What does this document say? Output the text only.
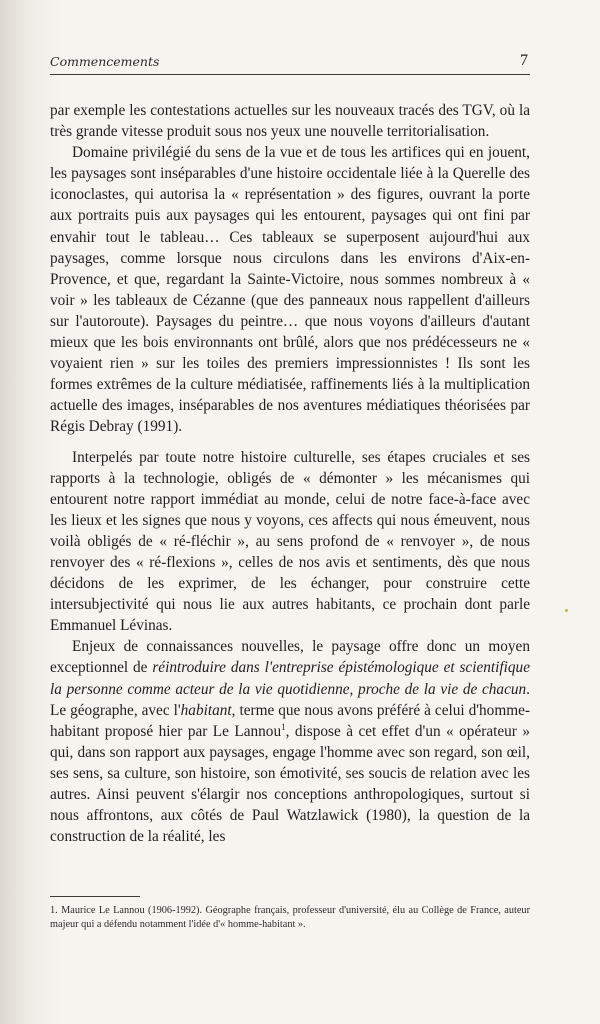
Commencements	7

par exemple les contestations actuelles sur les nouveaux tracés des TGV, où la très grande vitesse produit sous nos yeux une nouvelle territorialisation.

Domaine privilégié du sens de la vue et de tous les artifices qui en jouent, les paysages sont inséparables d'une histoire occidentale liée à la Querelle des iconoclastes, qui autorisa la « représentation » des figures, ouvrant la porte aux portraits puis aux paysages qui les entourent, paysages qui ont fini par envahir tout le tableau… Ces tableaux se superposent aujourd'hui aux paysages, comme lorsque nous circulons dans les environs d'Aix-en-Provence, et que, regardant la Sainte-Victoire, nous sommes nombreux à « voir » les tableaux de Cézanne (que des panneaux nous rappellent d'ailleurs sur l'autoroute). Paysages du peintre… que nous voyons d'ailleurs d'autant mieux que les bois environnants ont brûlé, alors que nos prédécesseurs ne « voyaient rien » sur les toiles des premiers impressionnistes ! Ils sont les formes extrêmes de la culture médiatisée, raffinements liés à la multiplication actuelle des images, inséparables de nos aventures médiatiques théorisées par Régis Debray (1991).

Interpelés par toute notre histoire culturelle, ses étapes cruciales et ses rapports à la technologie, obligés de « démonter » les mécanismes qui entourent notre rapport immédiat au monde, celui de notre face-à-face avec les lieux et les signes que nous y voyons, ces affects qui nous émeuvent, nous voilà obligés de « ré-fléchir », au sens profond de « renvoyer », de nous renvoyer des « ré-flexions », celles de nos avis et sentiments, dès que nous décidons de les exprimer, de les échanger, pour construire cette intersubjectivité qui nous lie aux autres habitants, ce prochain dont parle Emmanuel Lévinas.

Enjeux de connaissances nouvelles, le paysage offre donc un moyen exceptionnel de réintroduire dans l'entreprise épistémologique et scientifique la personne comme acteur de la vie quotidienne, proche de la vie de chacun. Le géographe, avec l'habitant, terme que nous avons préféré à celui d'homme-habitant proposé hier par Le Lannou$^1$, dispose à cet effet d'un « opérateur » qui, dans son rapport aux paysages, engage l'homme avec son regard, son œil, ses sens, sa culture, son histoire, son émotivité, ses soucis de relation avec les autres. Ainsi peuvent s'élargir nos conceptions anthropologiques, surtout si nous affrontons, aux côtés de Paul Watzlawick (1980), la question de la construction de la réalité, les

1. Maurice Le Lannou (1906-1992). Géographe français, professeur d'université, élu au Collège de France, auteur majeur qui a défendu notamment l'idée d'« homme-habitant ».
